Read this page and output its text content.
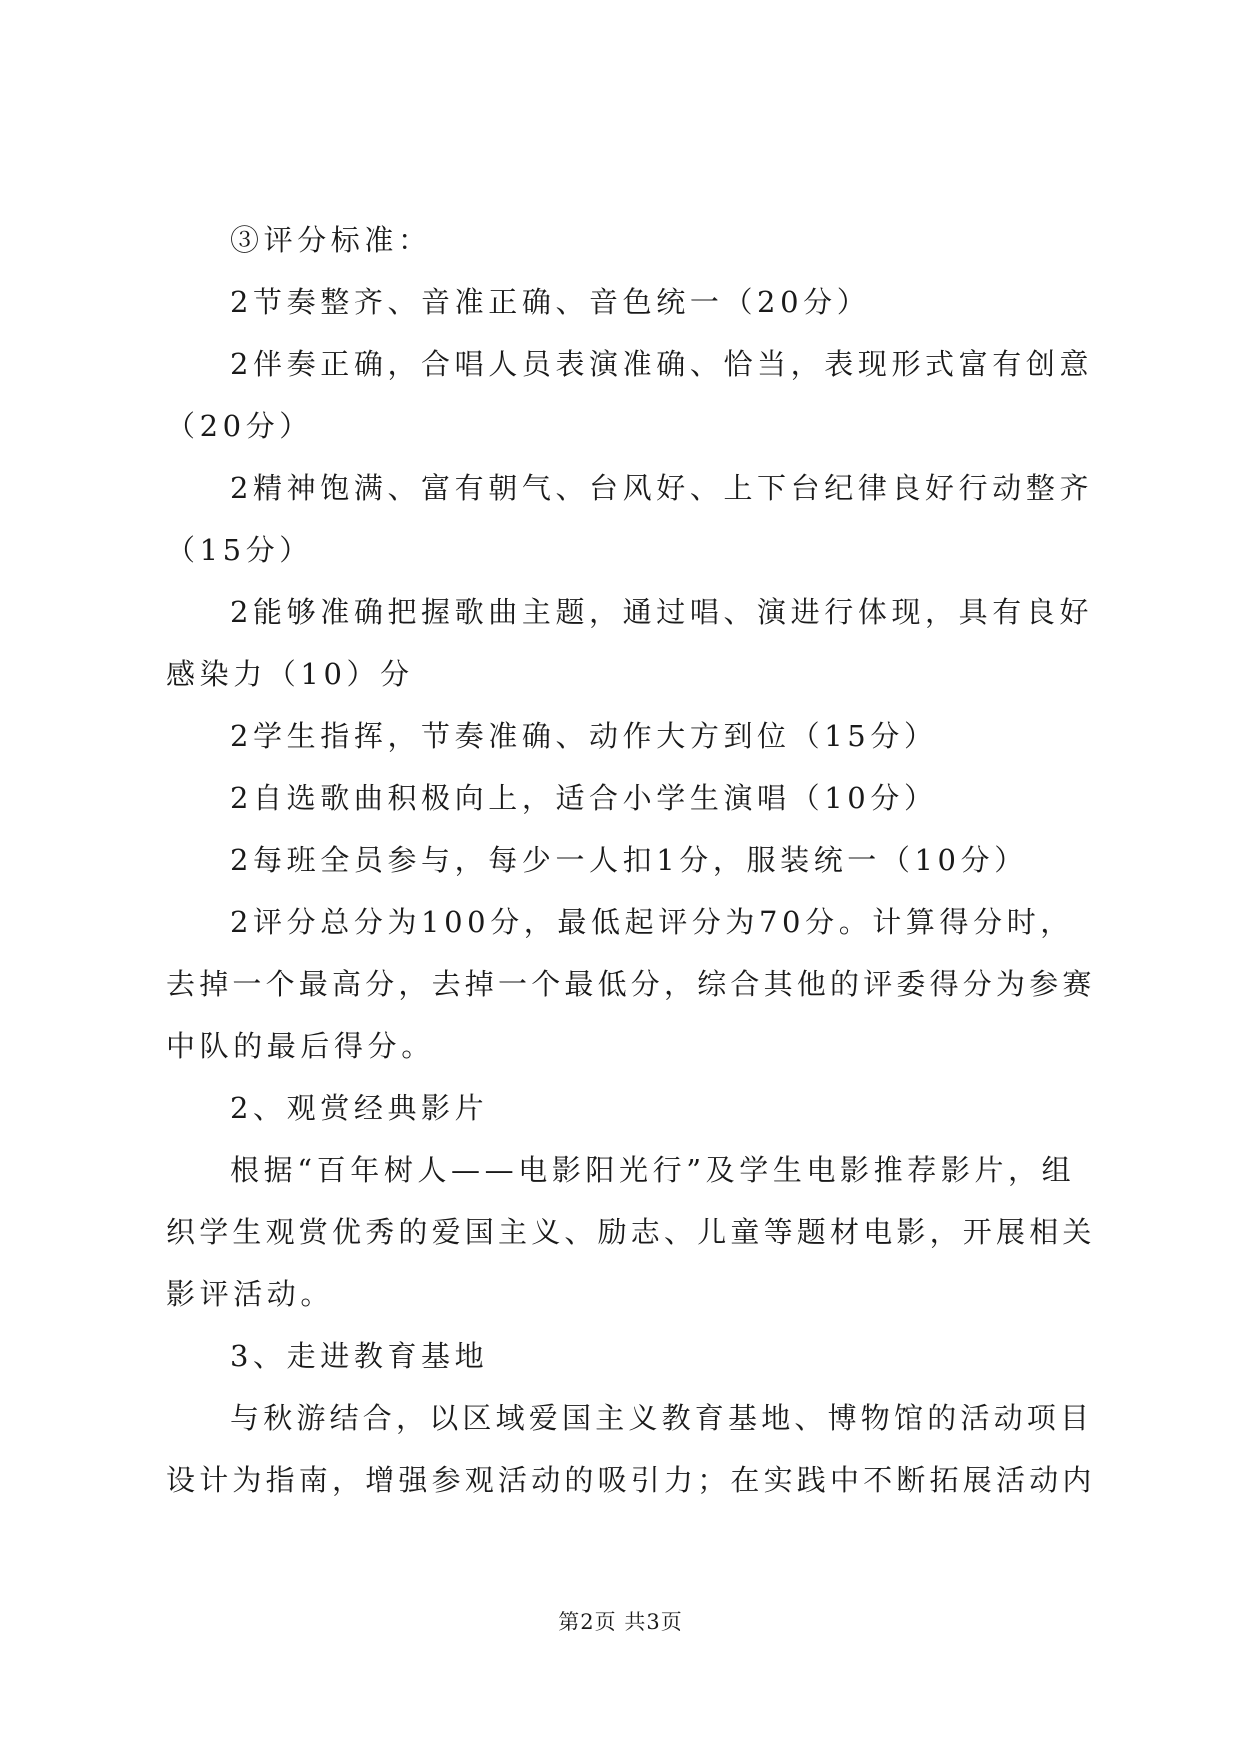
③评分标准：
2节奏整齐、音准正确、音色统一（20分）
2伴奏正确，合唱人员表演准确、恰当，表现形式富有创意
（20分）
2精神饱满、富有朝气、台风好、上下台纪律良好行动整齐
（15分）
2能够准确把握歌曲主题，通过唱、演进行体现，具有良好
感染力（10）分
2学生指挥，节奏准确、动作大方到位（15分）
2自选歌曲积极向上，适合小学生演唱（10分）
2每班全员参与，每少一人扣1分，服装统一（10分）
2评分总分为100分，最低起评分为70分。计算得分时，
去掉一个最高分，去掉一个最低分，综合其他的评委得分为参赛
中队的最后得分。
2、观赏经典影片
根据“百年树人——电影阳光行”及学生电影推荐影片，组
织学生观赏优秀的爱国主义、励志、儿童等题材电影，开展相关
影评活动。
3、走进教育基地
与秋游结合，以区域爱国主义教育基地、博物馆的活动项目
设计为指南，增强参观活动的吸引力；在实践中不断拓展活动内
第2页 共3页
